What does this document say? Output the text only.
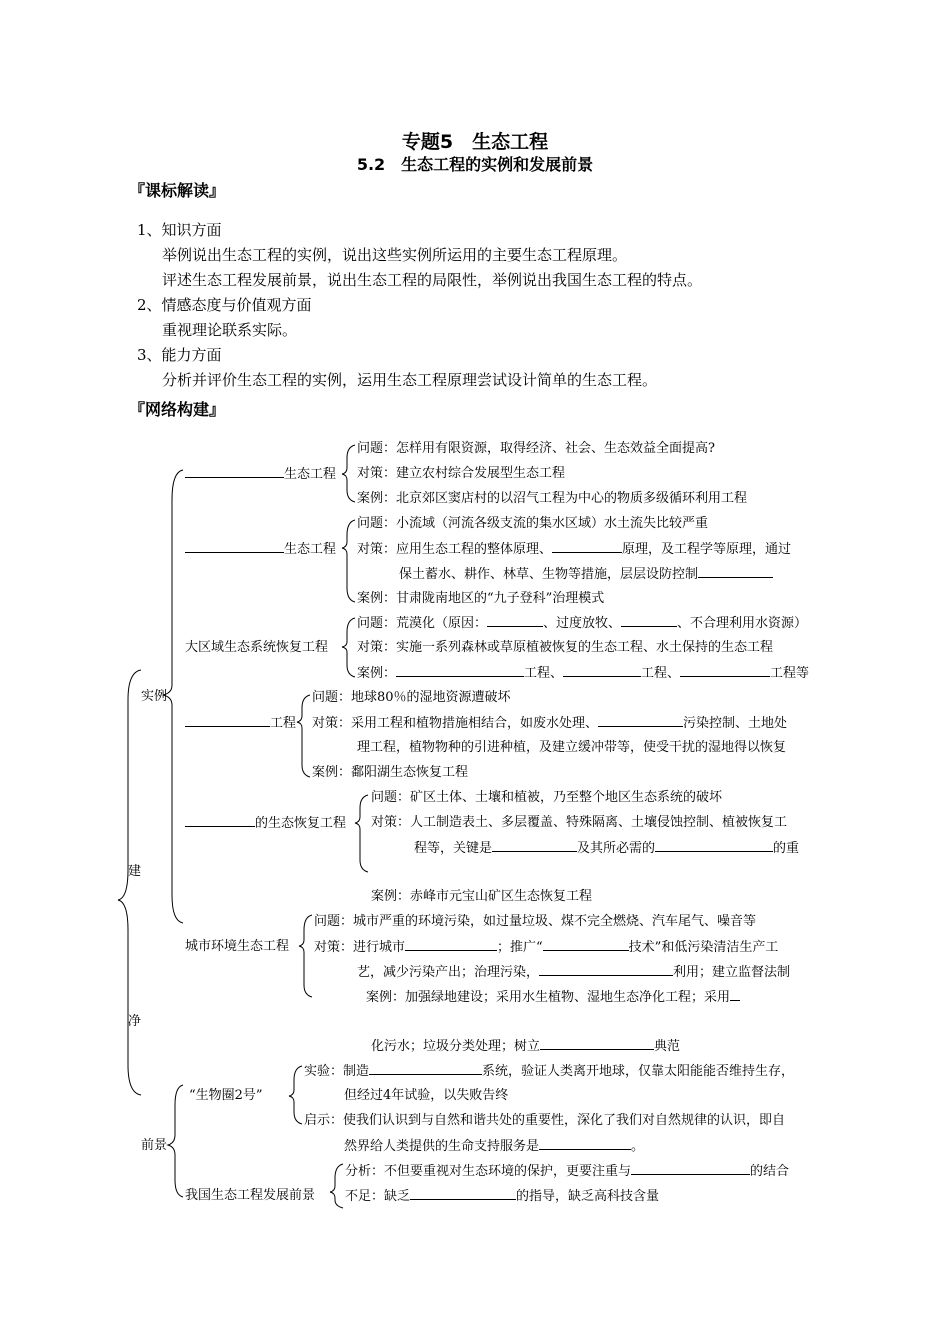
专题5　生态工程
5.2　生态工程的实例和发展前景
『课标解读』
1、知识方面
举例说出生态工程的实例，说出这些实例所运用的主要生态工程原理。
评述生态工程发展前景，说出生态工程的局限性，举例说出我国生态工程的特点。
2、情感态度与价值观方面
重视理论联系实际。
3、能力方面
分析并评价生态工程的实例，运用生态工程原理尝试设计简单的生态工程。
『网络构建』
建
净
实例
前景
生态工程
问题：怎样用有限资源，取得经济、社会、生态效益全面提高?
对策：建立农村综合发展型生态工程
案例：北京郊区窦店村的以沼气工程为中心的物质多级循环利用工程
生态工程
问题：小流域（河流各级支流的集水区域）水土流失比较严重
对策：应用生态工程的整体原理、	原理，及工程学等原理，通过
保土蓄水、耕作、林草、生物等措施，层层设防控制
案例：甘肃陇南地区的“九子登科”治理模式
大区域生态系统恢复工程
问题：荒漠化（原因：	、过度放牧、	、不合理利用水资源）
对策：实施一系列森林或草原植被恢复的生态工程、水土保持的生态工程
案例：	工程、	工程、	工程等
工程
问题：地球80％的湿地资源遭破坏
对策：采用工程和植物措施相结合，如废水处理、	污染控制、土地处
理工程，植物物种的引进种植，及建立缓冲带等，使受干扰的湿地得以恢复
案例：鄱阳湖生态恢复工程
的生态恢复工程
问题：矿区土体、土壤和植被，乃至整个地区生态系统的破坏
对策：人工制造表土、多层覆盖、特殊隔离、土壤侵蚀控制、植被恢复工
程等，关键是	及其所必需的	的重
案例：赤峰市元宝山矿区生态恢复工程
城市环境生态工程
问题：城市严重的环境污染，如过量垃圾、煤不完全燃烧、汽车尾气、噪音等
对策：进行城市	；推广“	技术”和低污染清洁生产工
艺，减少污染产出；治理污染，	利用；建立监督法制
案例：加强绿地建设；采用水生植物、湿地生态净化工程；采用
化污水；垃圾分类处理；树立	典范
“生物圈2号”
实验：制造	系统，验证人类离开地球，仅靠太阳能能否维持生存，
但经过4年试验，以失败告终
启示：使我们认识到与自然和谐共处的重要性，深化了我们对自然规律的认识，即自
然界给人类提供的生命支持服务是	。
我国生态工程发展前景
分析：不但要重视对生态环境的保护，更要注重与	的结合
不足：缺乏	的指导，缺乏高科技含量
